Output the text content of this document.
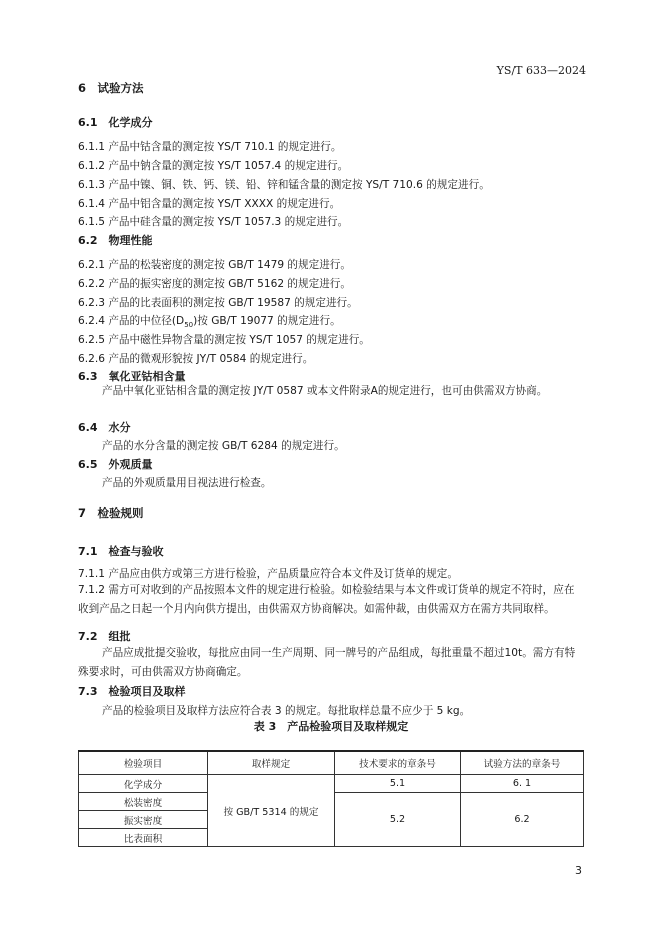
YS/T 633—2024
6　试验方法
6.1　化学成分
6.1.1 产品中钴含量的测定按 YS/T 710.1 的规定进行。
6.1.2 产品中钠含量的测定按 YS/T 1057.4 的规定进行。
6.1.3 产品中镍、铜、铁、钙、镁、铅、锌和锰含量的测定按 YS/T 710.6 的规定进行。
6.1.4 产品中铝含量的测定按 YS/T XXXX 的规定进行。
6.1.5 产品中硅含量的测定按 YS/T 1057.3 的规定进行。
6.2　物理性能
6.2.1 产品的松装密度的测定按 GB/T 1479 的规定进行。
6.2.2 产品的振实密度的测定按 GB/T 5162 的规定进行。
6.2.3 产品的比表面积的测定按 GB/T 19587 的规定进行。
6.2.4 产品的中位径$(D_{50})$按 GB/T 19077 的规定进行。
6.2.5 产品中磁性异物含量的测定按 YS/T 1057 的规定进行。
6.2.6 产品的微观形貌按 JY/T 0584 的规定进行。
6.3　氧化亚钴相含量
产品中氧化亚钴相含量的测定按 JY/T 0587 或本文件附录A的规定进行，也可由供需双方协商。
6.4　水分
产品的水分含量的测定按 GB/T 6284 的规定进行。
6.5　外观质量
产品的外观质量用目视法进行检查。
7　检验规则
7.1　检查与验收
7.1.1 产品应由供方或第三方进行检验，产品质量应符合本文件及订货单的规定。
7.1.2 需方可对收到的产品按照本文件的规定进行检验。如检验结果与本文件或订货单的规定不符时，应在收到产品之日起一个月内向供方提出，由供需双方协商解决。如需仲裁，由供需双方在需方共同取样。
7.2　组批
产品应成批提交验收，每批应由同一生产周期、同一牌号的产品组成，每批重量不超过10t。需方有特殊要求时，可由供需双方协商确定。
7.3　检验项目及取样
产品的检验项目及取样方法应符合表 3 的规定。每批取样总量不应少于 5 kg。
表 3　产品检验项目及取样规定
检验项目	取样规定	技术要求的章条号	试验方法的章条号
化学成分	按 GB/T 5314 的规定	5.1	6. 1
松装密度		5.2	6.2
振实密度			
比表面积			
3
